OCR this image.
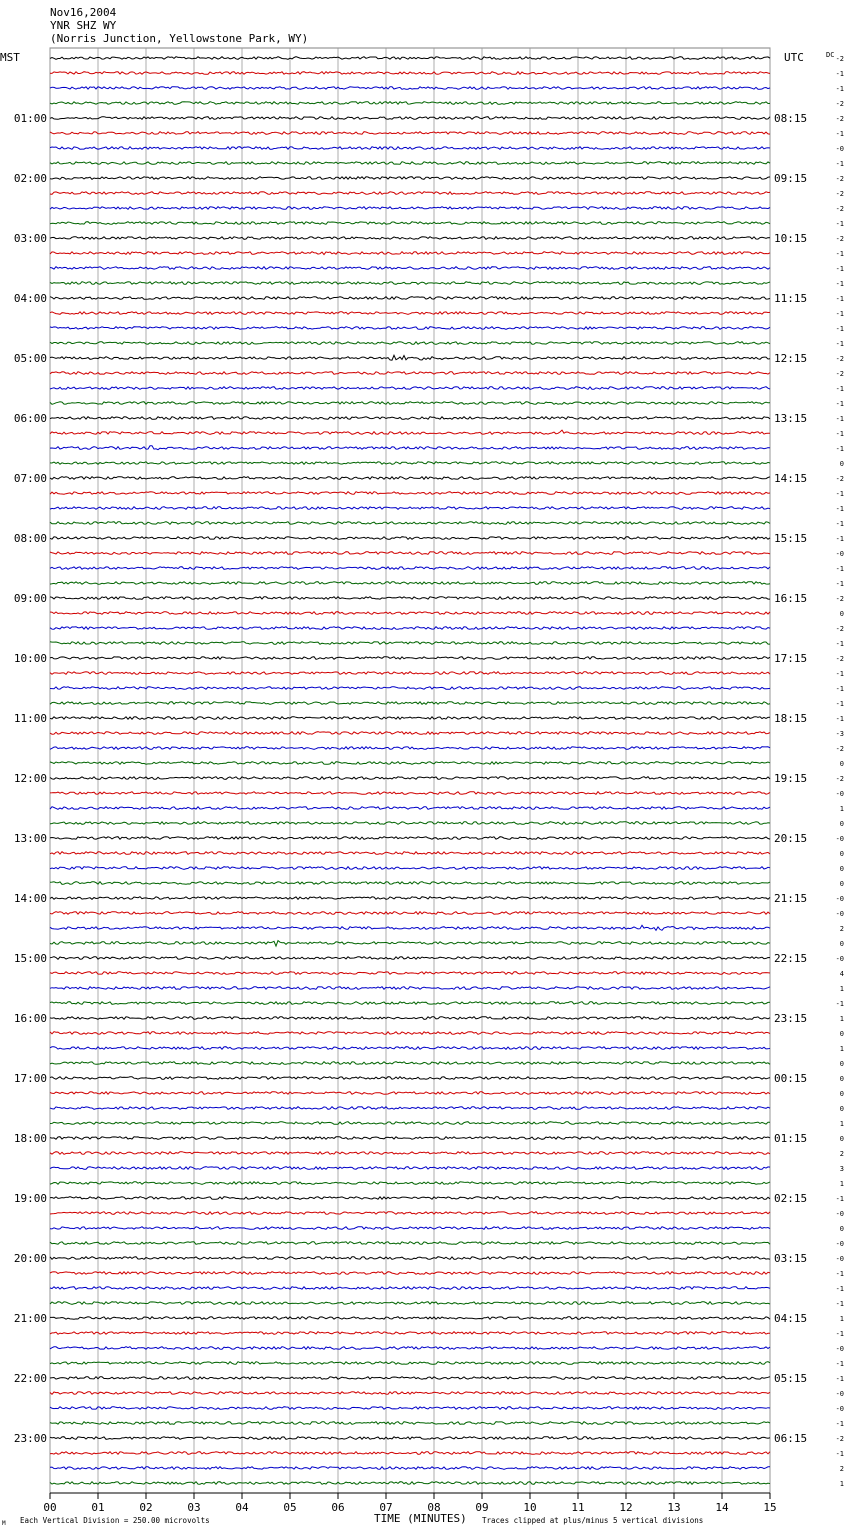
Nov16,2004
YNR SHZ WY
(Norris Junction, Yellowstone Park, WY)
00	01	02	03	04	05	06	07	08	09	10	11	12	13	14	15
-2
-1
-1
-2
-2
-1
-0
-1
-2
-2
-2
-1
-2
-1
-1
-1
-1
-1
-1
-1
-2
-2
-1
-1
-1
-1
-1
0
-2
-1
-1
-1
-1
-0
-1
-1
-2
0
-2
-1
-2
-1
-1
-1
-1
-3
-2
0
-2
-0
1
0
-0
0
0
0
-0
-0
2
0
-0
4
1
-1
1
0
1
0
0
0
0
1
0
2
3
1
-1
-0
0
-0
-0
-1
-1
-1
1
-1
-0
-1
-1
-0
-0
-1
-2
-1
2
1
01:00	08:15
02:00	09:15
03:00	10:15
04:00	11:15
05:00	12:15
06:00	13:15
07:00	14:15
08:00	15:15
09:00	16:15
10:00	17:15
11:00	18:15
12:00	19:15
13:00	20:15
14:00	21:15
15:00	22:15
16:00	23:15
17:00	00:15
18:00	01:15
19:00	02:15
20:00	03:15
21:00	04:15
22:00	05:15
23:00	06:15
MST	UTC	DC
TIME (MINUTES)
Each Vertical Division = 250.00 microvolts	Traces clipped at plus/minus 5 vertical divisions
M
